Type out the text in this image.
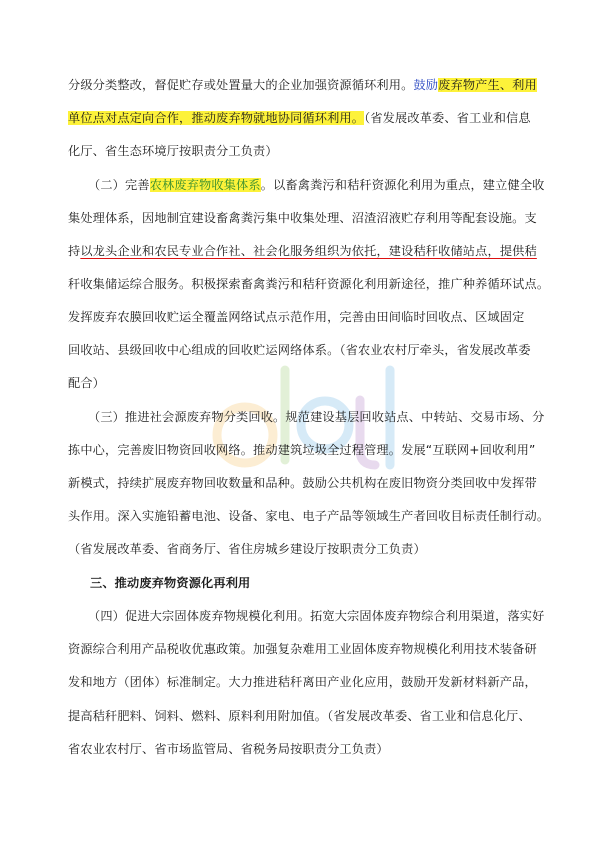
分级分类整改，督促贮存或处置量大的企业加强资源循环利用。鼓励废弃物产生、利用
单位点对点定向合作，推动废弃物就地协同循环利用。（省发展改革委、省工业和信息
化厅、省生态环境厅按职责分工负责）
（二）完善农林废弃物收集体系。以畜禽粪污和秸秆资源化利用为重点，建立健全收
集处理体系，因地制宜建设畜禽粪污集中收集处理、沼渣沼液贮存利用等配套设施。支
持以龙头企业和农民专业合作社、社会化服务组织为依托，建设秸秆收储站点，提供秸
秆收集储运综合服务。积极探索畜禽粪污和秸秆资源化利用新途径，推广种养循环试点。
发挥废弃农膜回收贮运全覆盖网络试点示范作用，完善由田间临时回收点、区域固定
回收站、县级回收中心组成的回收贮运网络体系。（省农业农村厅牵头，省发展改革委
配合）
（三）推进社会源废弃物分类回收。规范建设基层回收站点、中转站、交易市场、分
拣中心，完善废旧物资回收网络。推动建筑垃圾全过程管理。发展“互联网+回收利用”
新模式，持续扩展废弃物回收数量和品种。鼓励公共机构在废旧物资分类回收中发挥带
头作用。深入实施铅蓄电池、设备、家电、电子产品等领域生产者回收目标责任制行动。
（省发展改革委、省商务厅、省住房城乡建设厅按职责分工负责）
三、推动废弃物资源化再利用
（四）促进大宗固体废弃物规模化利用。拓宽大宗固体废弃物综合利用渠道，落实好
资源综合利用产品税收优惠政策。加强复杂难用工业固体废弃物规模化利用技术装备研
发和地方（团体）标准制定。大力推进秸秆离田产业化应用，鼓励开发新材料新产品，
提高秸秆肥料、饲料、燃料、原料利用附加值。（省发展改革委、省工业和信息化厅、
省农业农村厅、省市场监管局、省税务局按职责分工负责）
